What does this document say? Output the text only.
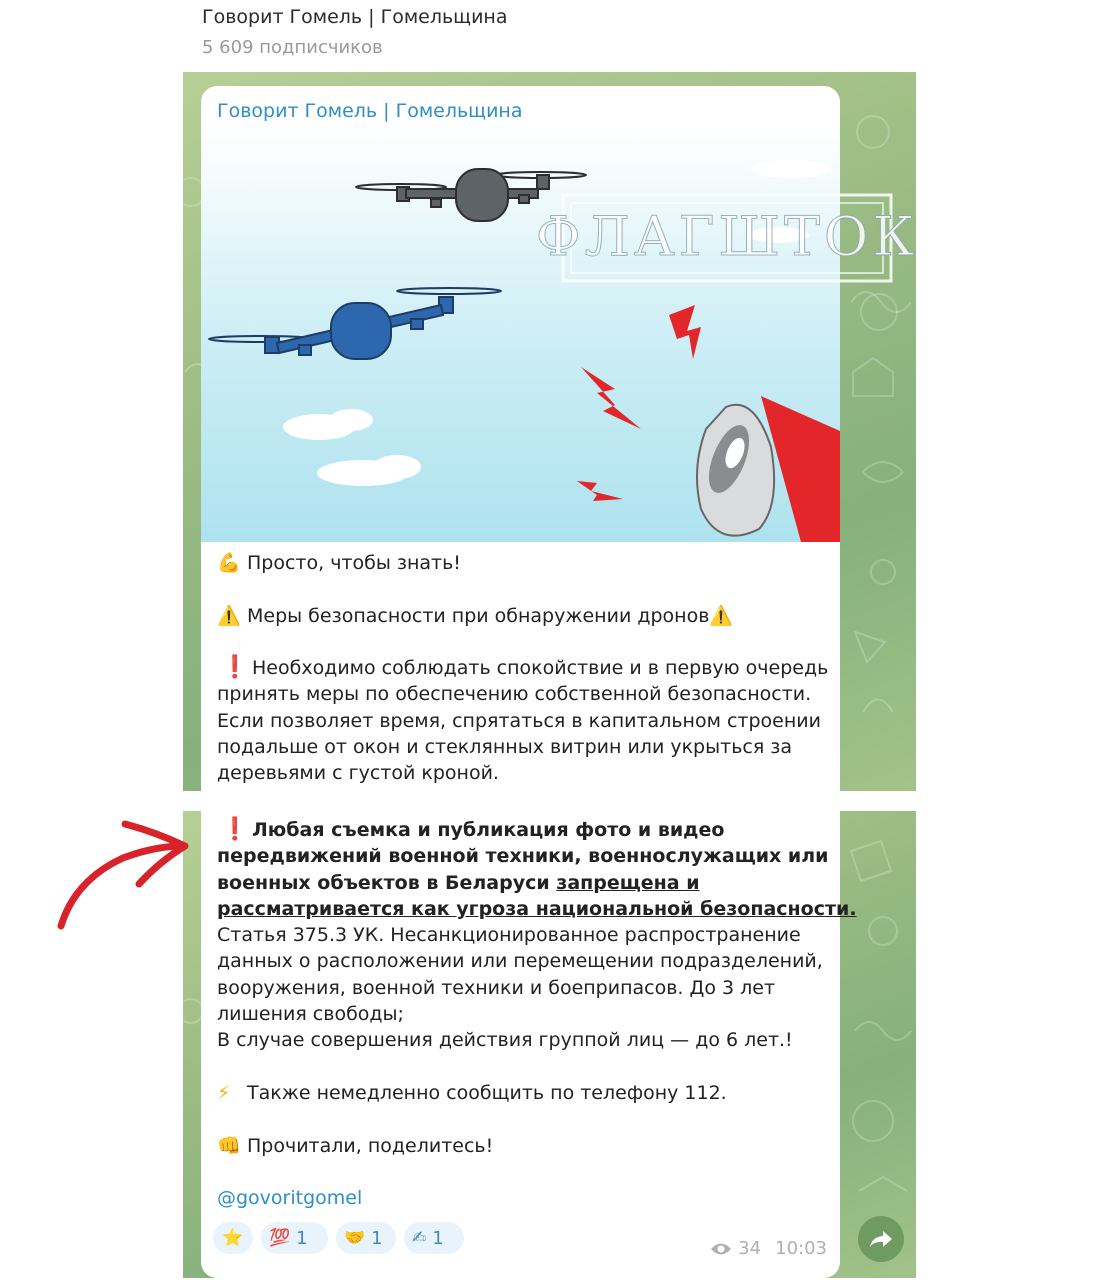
Говорит Гомель | Гомельщина
5 609 подписчиков
Говорит Гомель | Гомельщина
ФЛАГШТОК
💪 Просто, чтобы знать!
⚠️ Меры безопасности при обнаружении дронов⚠️
❗ Необходимо соблюдать спокойствие и в первую очередь
принять меры по обеспечению собственной безопасности.
Если позволяет время, спрятаться в капитальном строении
подальше от окон и стеклянных витрин или укрыться за
деревьями с густой кроной.
❗ Любая съемка и публикация фото и видео
передвижений военной техники, военнослужащих или
военных объектов в Беларуси запрещена и
рассматривается как угроза национальной безопасности.
Статья 375.3 УК. Несанкционированное распространение
данных о расположении или перемещении подразделений,
вооружения, военной техники и боеприпасов. До 3 лет
лишения свободы;
В случае совершения действия группой лиц — до 6 лет.!
⚡ Также немедленно сообщить по телефону 112.
👊 Прочитали, поделитесь!
@govoritgomel
⭐ 💯 1 🤝 1 ✍ 1	34 10:03
